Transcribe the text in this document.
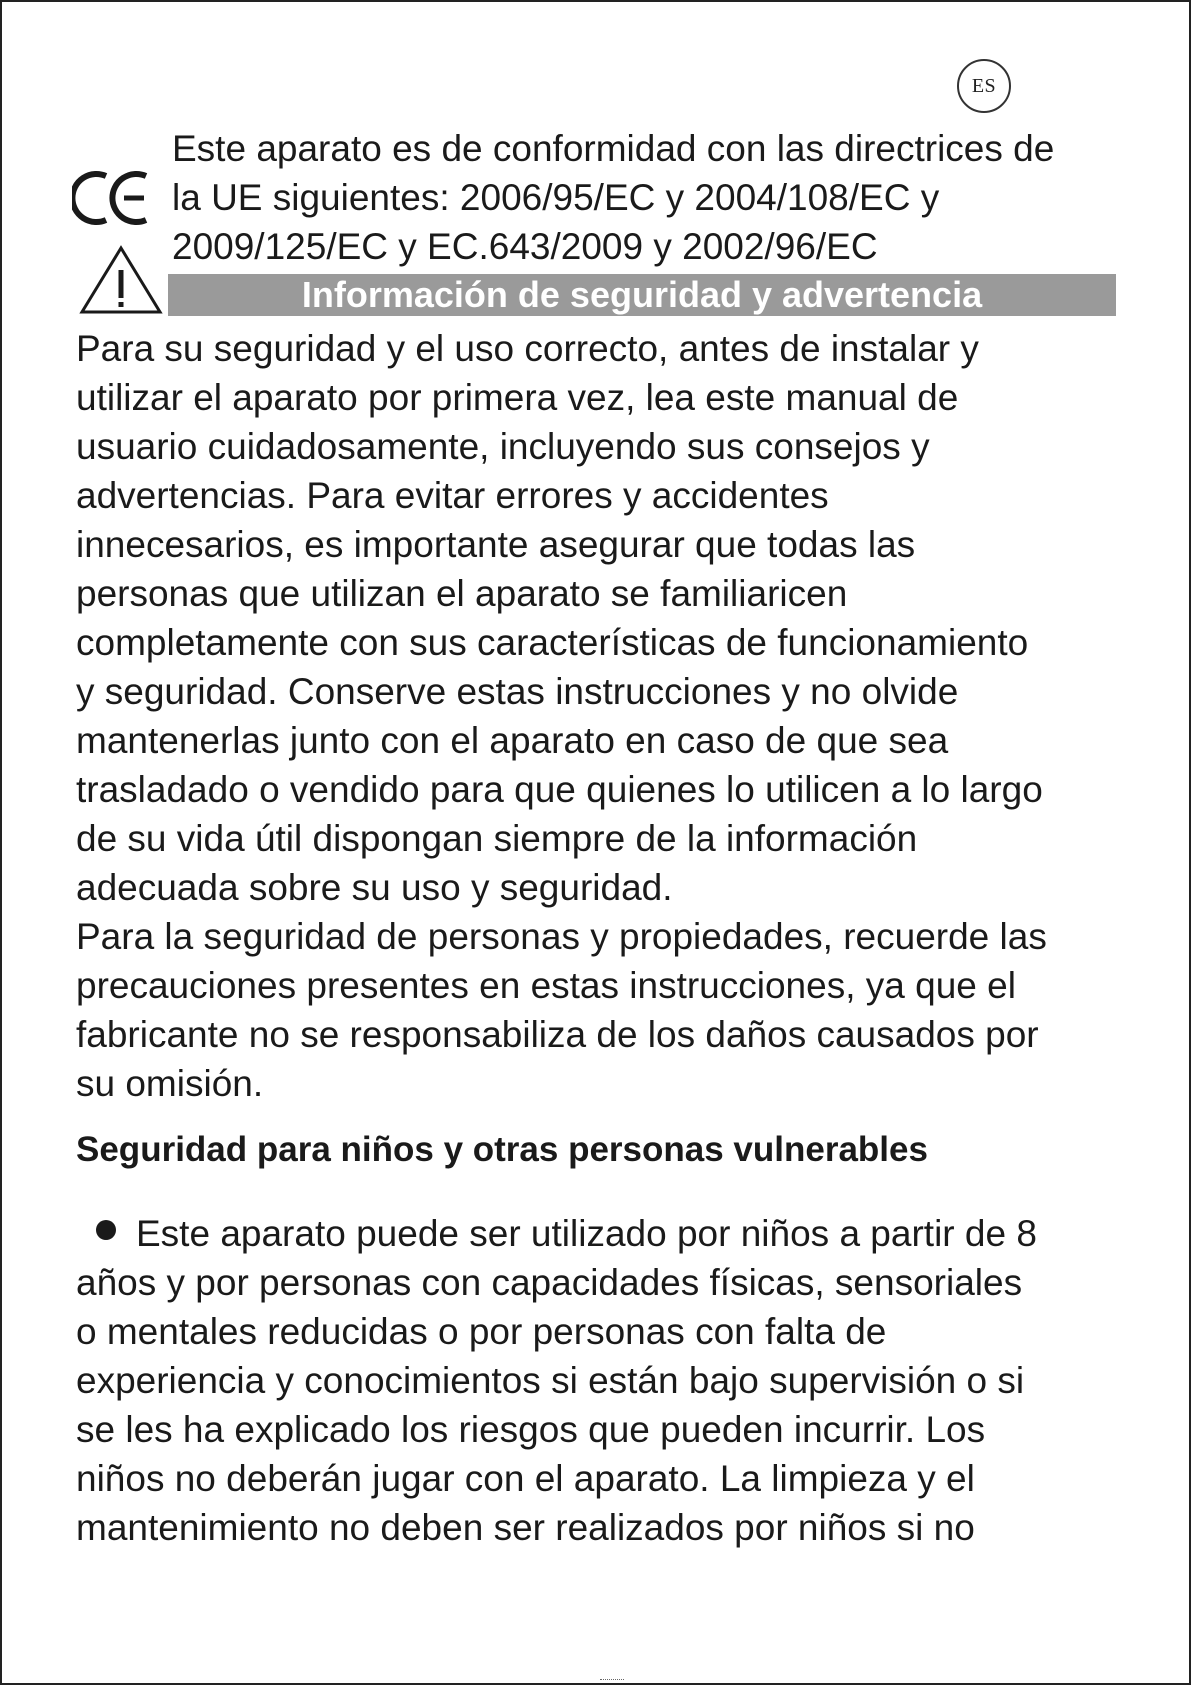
ES
Este aparato es de conformidad con las directrices de
la UE siguientes: 2006/95/EC y 2004/108/EC y
2009/125/EC y EC.643/2009 y 2002/96/EC
Información de seguridad y advertencia
Para su seguridad y el uso correcto, antes de instalar y
utilizar el aparato por primera vez, lea este manual de
usuario cuidadosamente, incluyendo sus consejos y
advertencias. Para evitar errores y accidentes
innecesarios, es importante asegurar que todas las
personas que utilizan el aparato se familiaricen
completamente con sus características de funcionamiento
y seguridad. Conserve estas instrucciones y no olvide
mantenerlas junto con el aparato en caso de que sea
trasladado o vendido para que quienes lo utilicen a lo largo
de su vida útil dispongan siempre de la información
adecuada sobre su uso y seguridad.
Para la seguridad de personas y propiedades, recuerde las
precauciones presentes en estas instrucciones, ya que el
fabricante no se responsabiliza de los daños causados por
su omisión.
Seguridad para niños y otras personas vulnerables
Este aparato puede ser utilizado por niños a partir de 8
años y por personas con capacidades físicas, sensoriales
o mentales reducidas o por personas con falta de
experiencia y conocimientos si están bajo supervisión o si
se les ha explicado los riesgos que pueden incurrir. Los
niños no deberán jugar con el aparato. La limpieza y el
mantenimiento no deben ser realizados por niños si no
